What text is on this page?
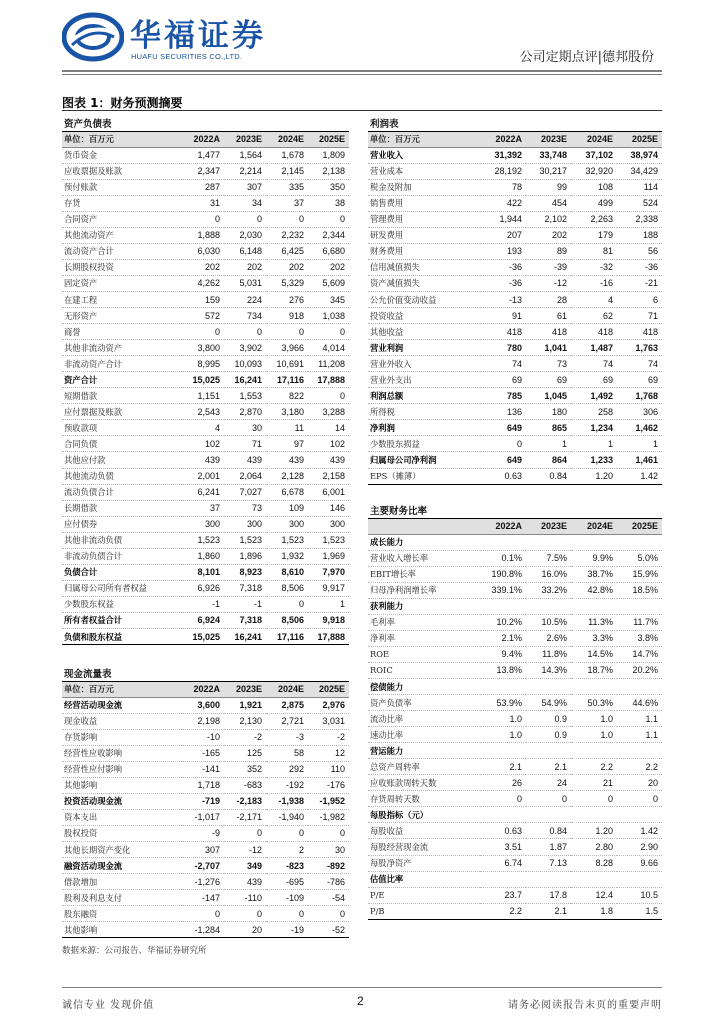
华福证券
HUAFU SECURITIES CO.,LTD.	公司定期点评|德邦股份
图表 1：财务预测摘要
资产负债表				
单位：百万元	2022A	2023E	2024E	2025E
货币资金	1,477	1,564	1,678	1,809
应收票据及账款	2,347	2,214	2,145	2,138
预付账款	287	307	335	350
存货	31	34	37	38
合同资产	0	0	0	0
其他流动资产	1,888	2,030	2,232	2,344
流动资产合计	6,030	6,148	6,425	6,680
长期股权投资	202	202	202	202
固定资产	4,262	5,031	5,329	5,609
在建工程	159	224	276	345
无形资产	572	734	918	1,038
商誉	0	0	0	0
其他非流动资产	3,800	3,902	3,966	4,014
非流动资产合计	8,995	10,093	10,691	11,208
资产合计	15,025	16,241	17,116	17,888
短期借款	1,151	1,553	822	0
应付票据及账款	2,543	2,870	3,180	3,288
预收款项	4	30	11	14
合同负债	102	71	97	102
其他应付款	439	439	439	439
其他流动负债	2,001	2,064	2,128	2,158
流动负债合计	6,241	7,027	6,678	6,001
长期借款	37	73	109	146
应付债券	300	300	300	300
其他非流动负债	1,523	1,523	1,523	1,523
非流动负债合计	1,860	1,896	1,932	1,969
负债合计	8,101	8,923	8,610	7,970
归属母公司所有者权益	6,926	7,318	8,506	9,917
少数股东权益	-1	-1	0	1
所有者权益合计	6,924	7,318	8,506	9,918
负债和股东权益	15,025	16,241	17,116	17,888
现金流量表				
单位：百万元	2022A	2023E	2024E	2025E
经营活动现金流	3,600	1,921	2,875	2,976
现金收益	2,198	2,130	2,721	3,031
存货影响	-10	-2	-3	-2
经营性应收影响	-165	125	58	12
经营性应付影响	-141	352	292	110
其他影响	1,718	-683	-192	-176
投资活动现金流	-719	-2,183	-1,938	-1,952
资本支出	-1,017	-2,171	-1,940	-1,982
股权投资	-9	0	0	0
其他长期资产变化	307	-12	2	30
融资活动现金流	-2,707	349	-823	-892
借款增加	-1,276	439	-695	-786
股利及利息支付	-147	-110	-109	-54
股东融资	0	0	0	0
其他影响	-1,284	20	-19	-52
利润表				
单位：百万元	2022A	2023E	2024E	2025E
营业收入	31,392	33,748	37,102	38,974
营业成本	28,192	30,217	32,920	34,429
税金及附加	78	99	108	114
销售费用	422	454	499	524
管理费用	1,944	2,102	2,263	2,338
研发费用	207	202	179	188
财务费用	193	89	81	56
信用减值损失	-36	-39	-32	-36
资产减值损失	-36	-12	-16	-21
公允价值变动收益	-13	28	4	6
投资收益	91	61	62	71
其他收益	418	418	418	418
营业利润	780	1,041	1,487	1,763
营业外收入	74	73	74	74
营业外支出	69	69	69	69
利润总额	785	1,045	1,492	1,768
所得税	136	180	258	306
净利润	649	865	1,234	1,462
少数股东损益	0	1	1	1
归属母公司净利润	649	864	1,233	1,461
EPS（摊薄）	0.63	0.84	1.20	1.42
主要财务比率				
	2022A	2023E	2024E	2025E
成长能力				
营业收入增长率	0.1%	7.5%	9.9%	5.0%
EBIT增长率	190.8%	16.0%	38.7%	15.9%
归母净利润增长率	339.1%	33.2%	42.8%	18.5%
获利能力				
毛利率	10.2%	10.5%	11.3%	11.7%
净利率	2.1%	2.6%	3.3%	3.8%
ROE	9.4%	11.8%	14.5%	14.7%
ROIC	13.8%	14.3%	18.7%	20.2%
偿债能力				
资产负债率	53.9%	54.9%	50.3%	44.6%
流动比率	1.0	0.9	1.0	1.1
速动比率	1.0	0.9	1.0	1.1
营运能力				
总资产周转率	2.1	2.1	2.2	2.2
应收账款周转天数	26	24	21	20
存货周转天数	0	0	0	0
每股指标（元）				
每股收益	0.63	0.84	1.20	1.42
每股经营现金流	3.51	1.87	2.80	2.90
每股净资产	6.74	7.13	8.28	9.66
估值比率				
P/E	23.7	17.8	12.4	10.5
P/B	2.2	2.1	1.8	1.5
数据来源：公司报告、华福证券研究所
诚信专业 发现价值	2	请务必阅读报告末页的重要声明
